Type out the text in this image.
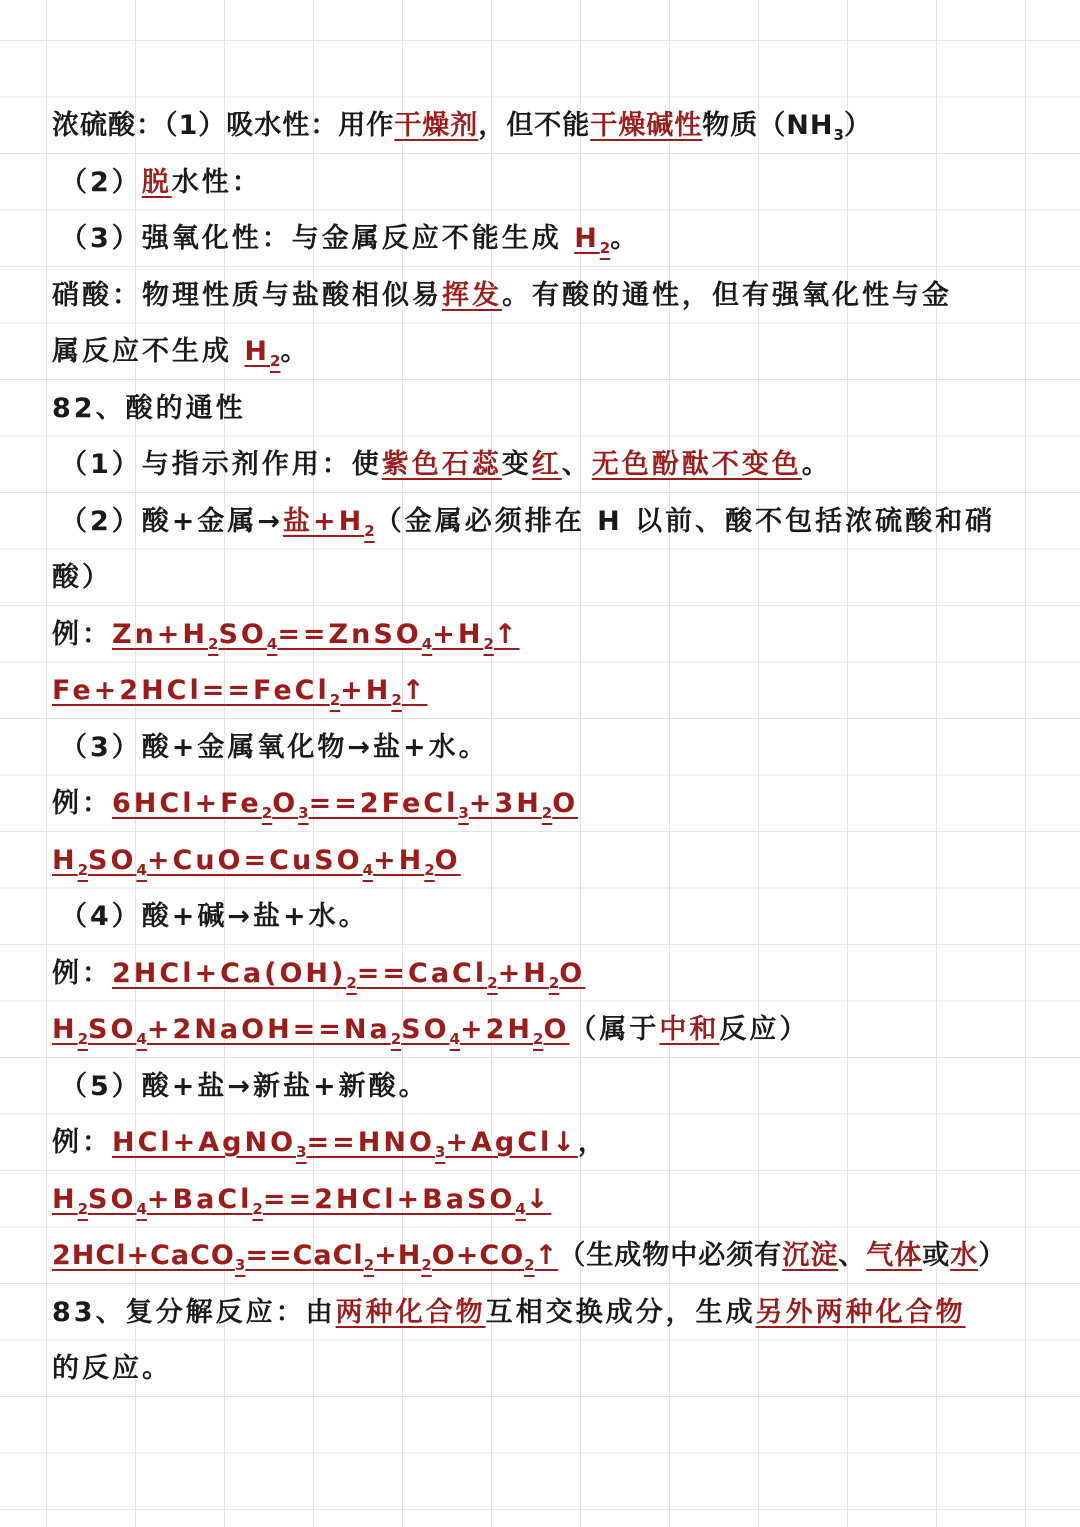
浓硫酸：（1）吸水性：用作干燥剂，但不能干燥碱性物质$(NH_3)$
（2）脱水性：
（3）强氧化性：与金属反应不能生成 $H_2$。
硝酸：物理性质与盐酸相似易挥发。有酸的通性，但有强氧化性与金
属反应不生成 $H_2$。
82、酸的通性
（1）与指示剂作用：使紫色石蕊变红、无色酚酞不变色。
（2）酸+金属→盐$+H_2$（金属必须排在 H 以前、酸不包括浓硫酸和硝
酸）
例：$Zn+H_2SO_4==ZnSO_4+H_2↑$
$Fe+2HCl==FeCl_2+H_2↑$
（3）酸+金属氧化物→盐+水。
例：$6HCl+Fe_2O_3==2FeCl_3+3H_2O$
$H_2SO_4+CuO=CuSO_4+H_2O$
（4）酸+碱→盐+水。
例：$2HCl+Ca(OH)_2==CaCl_2+H_2O$
$H_2SO_4+2NaOH==Na_2SO_4+2H_2O$（属于中和反应）
（5）酸+盐→新盐+新酸。
例：$HCl+AgNO_3==HNO_3+AgCl↓$，
$H_2SO_4+BaCl_2==2HCl+BaSO_4↓$
$2HCl+CaCO_3==CaCl_2+H_2O+CO_2↑$（生成物中必须有沉淀、气体或水）
83、复分解反应：由两种化合物互相交换成分，生成另外两种化合物
的反应。
